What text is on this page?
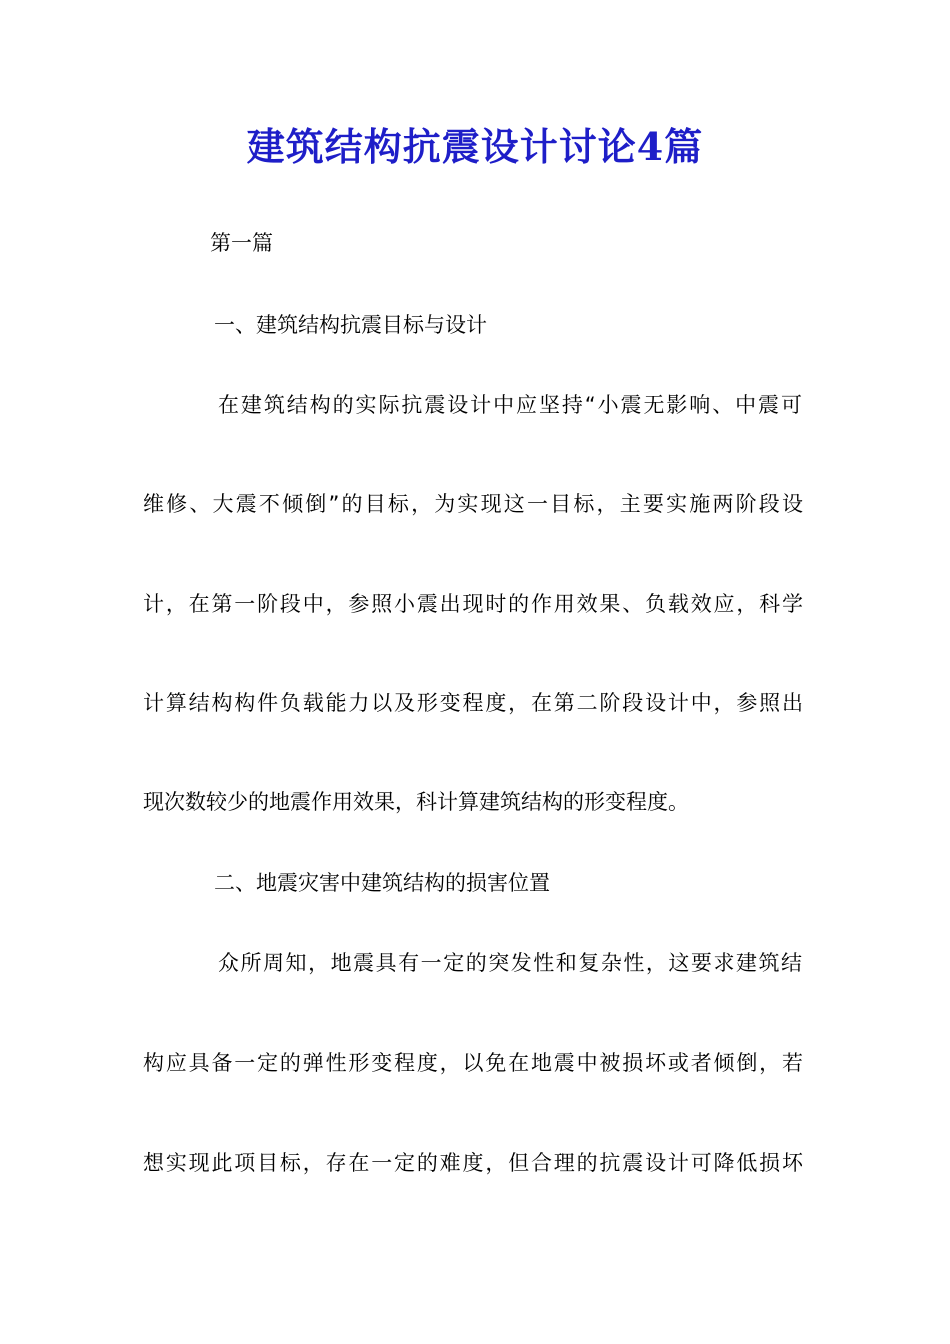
建筑结构抗震设计讨论4篇
第一篇
一、建筑结构抗震目标与设计
在建筑结构的实际抗震设计中应坚持“小震无影响、中震可
维修、大震不倾倒”的目标，为实现这一目标，主要实施两阶段设
计，在第一阶段中，参照小震出现时的作用效果、负载效应，科学
计算结构构件负载能力以及形变程度，在第二阶段设计中，参照出
现次数较少的地震作用效果，科计算建筑结构的形变程度。
二、地震灾害中建筑结构的损害位置
众所周知，地震具有一定的突发性和复杂性，这要求建筑结
构应具备一定的弹性形变程度，以免在地震中被损坏或者倾倒，若
想实现此项目标，存在一定的难度，但合理的抗震设计可降低损坏
